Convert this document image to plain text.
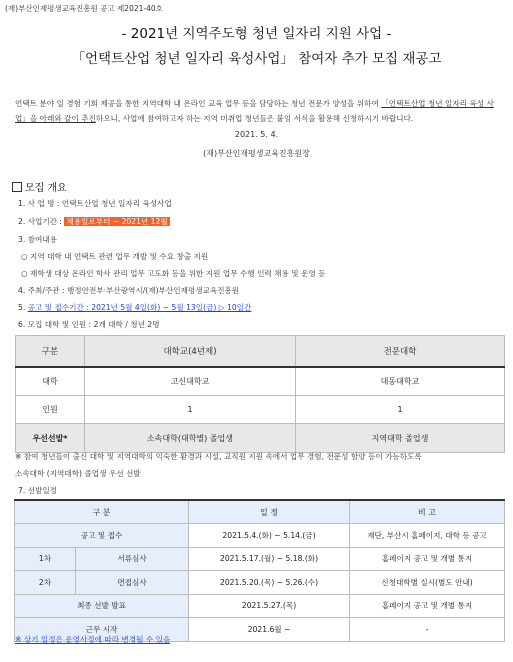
(재)부산인재평생교육진흥원 공고 제2021-40호
- 2021년 지역주도형 청년 일자리 지원 사업 -
「언택트산업 청년 일자리 육성사업」 참여자 추가 모집 재공고
언택트 분야 일 경험 기회 제공을 통한 지역대학 내 온라인 교육 업무 등을 담당하는 청년 전문가 양성을 위하여 「언택트산업 청년 일자리 육성 사업」을 아래와 같이 추진하오니, 사업에 참여하고자 하는 지역 미취업 청년들은 붙임 서식을 활용해 신청하시기 바랍니다.
2021. 5. 4.
(재)부산인재평생교육진흥원장
모집 개요
1. 사 업 명 : 언택트산업 청년 일자리 육성사업
2. 사업기간 : 채용일로부터 ~ 2021년 12월
3. 참여내용
○ 지역 대학 내 언택트 관련 업무 개발 및 수요 창출 지원
○ 재학생 대상 온라인 학사 관리 업무 고도화 등을 위한 지원 업무 수행 인력 채용 및 운영 등
4. 주최/주관 : 행정안전부·부산광역시/(재)부산인재평생교육진흥원
5. 공고 및 접수기간 : 2021년 5월 4일(화) ~ 5월 13일(금) ▷ 10일간
6. 모집 대학 및 인원 : 2개 대학 / 청년 2명
구분	대학교(4년제)	전문대학
대학	고신대학교	대동대학교
인원	1	1
우선선발*	소속대학(대학별) 졸업생	지역대학 졸업생
※ 참여 청년들이 출신 대학 및 지역대학의 익숙한 환경과 시설, 교직원 지원 속에서 업무 경험, 전문성 함양 등이 가능하도록
소속대학 (지역대학) 졸업생 우선 선발
7. 선발일정
구 분		일 정	비 고
공고 및 접수		2021.5.4.(화) ~ 5.14.(금)	재단, 부산시 홈페이지, 대학 등 공고
1차	서류심사	2021.5.17.(월) ~ 5.18.(화)	홈페이지 공고 및 개별 통지
2차	면접심사	2021.5.20.(목) ~ 5.26.(수)	신청대학별 실시(별도 안내)
최종 선발 발표		2021.5.27.(목)	홈페이지 공고 및 개별 통지
근무 시작		2021.6월 ~	-
※ 상기 일정은 운영사정에 따라 변경될 수 있음
